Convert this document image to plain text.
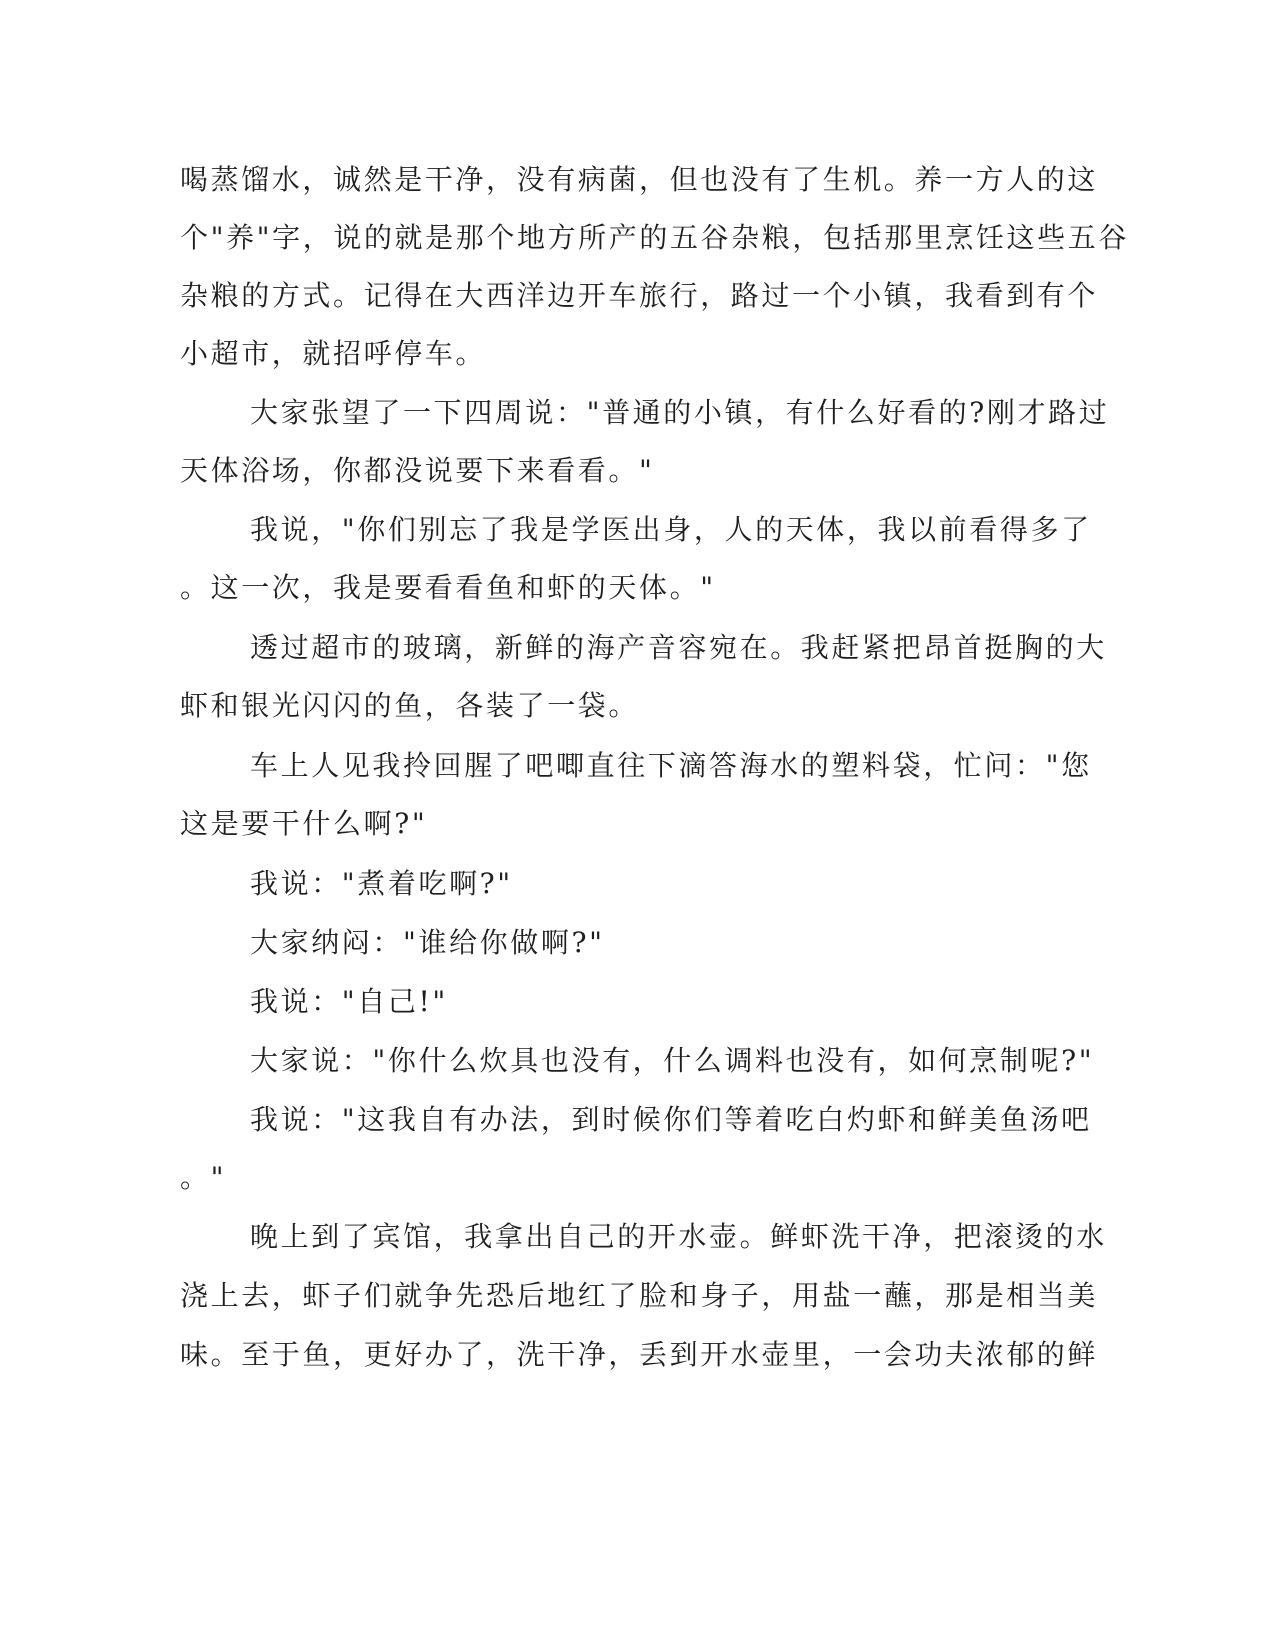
喝蒸馏水，诚然是干净，没有病菌，但也没有了生机。养一方人的这
个"养"字，说的就是那个地方所产的五谷杂粮，包括那里烹饪这些五谷
杂粮的方式。记得在大西洋边开车旅行，路过一个小镇，我看到有个
小超市，就招呼停车。
大家张望了一下四周说："普通的小镇，有什么好看的?刚才路过
天体浴场，你都没说要下来看看。"
我说，"你们别忘了我是学医出身，人的天体，我以前看得多了
。这一次，我是要看看鱼和虾的天体。"
透过超市的玻璃，新鲜的海产音容宛在。我赶紧把昂首挺胸的大
虾和银光闪闪的鱼，各装了一袋。
车上人见我拎回腥了吧唧直往下滴答海水的塑料袋，忙问："您
这是要干什么啊?"
我说："煮着吃啊?"
大家纳闷："谁给你做啊?"
我说："自己!"
大家说："你什么炊具也没有，什么调料也没有，如何烹制呢?"
我说："这我自有办法，到时候你们等着吃白灼虾和鲜美鱼汤吧
。"
晚上到了宾馆，我拿出自己的开水壶。鲜虾洗干净，把滚烫的水
浇上去，虾子们就争先恐后地红了脸和身子，用盐一蘸，那是相当美
味。至于鱼，更好办了，洗干净，丢到开水壶里，一会功夫浓郁的鲜
